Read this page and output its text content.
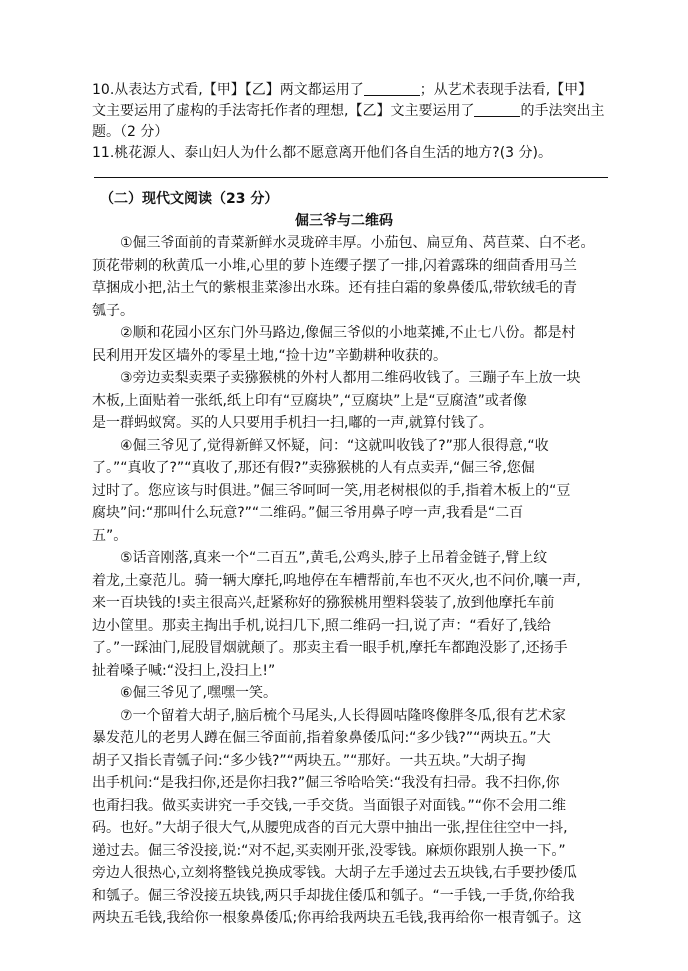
10.从表达方式看,【甲】【乙】两文都运用了	；从艺术表现手法看,【甲】
文主要运用了虚构的手法寄托作者的理想,【乙】文主要运用了	的手法突出主
题。（2 分）
11.桃花源人、泰山妇人为什么都不愿意离开他们各自生活的地方?(3 分)。
（二）现代文阅读（23 分）
倔三爷与二维码
　　①倔三爷面前的青菜新鲜水灵珑碎丰厚。小茄包、扁豆角、莴苣菜、白不老。
顶花带刺的秋黄瓜一小堆,心里的萝卜连缨子摆了一排,闪着露珠的细茴香用马兰
草捆成小把,沾土气的紫根韭菜渗出水珠。还有挂白霜的象鼻倭瓜,带软绒毛的青
瓠子。
　　②顺和花园小区东门外马路边,像倔三爷似的小地菜摊,不止七八份。都是村
民利用开发区墙外的零星土地,“捡十边”辛勤耕种收获的。
　　③旁边卖梨卖栗子卖猕猴桃的外村人都用二维码收钱了。三蹦子车上放一块
木板,上面贴着一张纸,纸上印有“豆腐块”,“豆腐块”上是“豆腐渣”或者像
是一群蚂蚁窝。买的人只要用手机扫一扫,嘟的一声,就算付钱了。
　　④倔三爷见了,觉得新鲜又怀疑，问：“这就叫收钱了?”那人很得意,“收
了。”“真收了?”“真收了,那还有假?”卖猕猴桃的人有点卖弄,“倔三爷,您倔
过时了。您应该与时俱进。”倔三爷呵呵一笑,用老树根似的手,指着木板上的“豆
腐块”问:“那叫什么玩意?”“二维码。”倔三爷用鼻子哼一声,我看是“二百
五”。
　　⑤话音刚落,真来一个“二百五”,黄毛,公鸡头,脖子上吊着金链子,臂上纹
着龙,土豪范儿。骑一辆大摩托,呜地停在车槽帮前,车也不灭火,也不问价,嚷一声,
来一百块钱的!卖主很高兴,赶紧称好的猕猴桃用塑料袋装了,放到他摩托车前
边小筐里。那卖主掏出手机,说扫几下,照二维码一扫,说了声：“看好了,钱给
了。”一踩油门,屁股冒烟就颠了。那卖主看一眼手机,摩托车都跑没影了,还扬手
扯着嗓子喊:“没扫上,没扫上!”
　　⑥倔三爷见了,嘿嘿一笑。
　　⑦一个留着大胡子,脑后梳个马尾头,人长得圆咕隆咚像胖冬瓜,很有艺术家
暴发范儿的老男人蹲在倔三爷面前,指着象鼻倭瓜问:“多少钱?”“两块五。”大
胡子又指长青瓠子问:“多少钱?”“两块五。”“那好。一共五块。”大胡子掏
出手机问:“是我扫你,还是你扫我?”倔三爷哈哈笑:“我没有扫帚。我不扫你,你
也甭扫我。做买卖讲究一手交钱,一手交货。当面银子对面钱。”“你不会用二维
码。也好。”大胡子很大气,从腰兜成沓的百元大票中抽出一张,捏住往空中一抖,
递过去。倔三爷没接,说:“对不起,买卖刚开张,没零钱。麻烦你跟别人换一下。”
旁边人很热心,立刻将整钱兑换成零钱。大胡子左手递过去五块钱,右手要抄倭瓜
和瓠子。倔三爷没接五块钱,两只手却拢住倭瓜和瓠子。“一手钱,一手货,你给我
两块五毛钱,我给你一根象鼻倭瓜;你再给我两块五毛钱,我再给你一根青瓠子。这
